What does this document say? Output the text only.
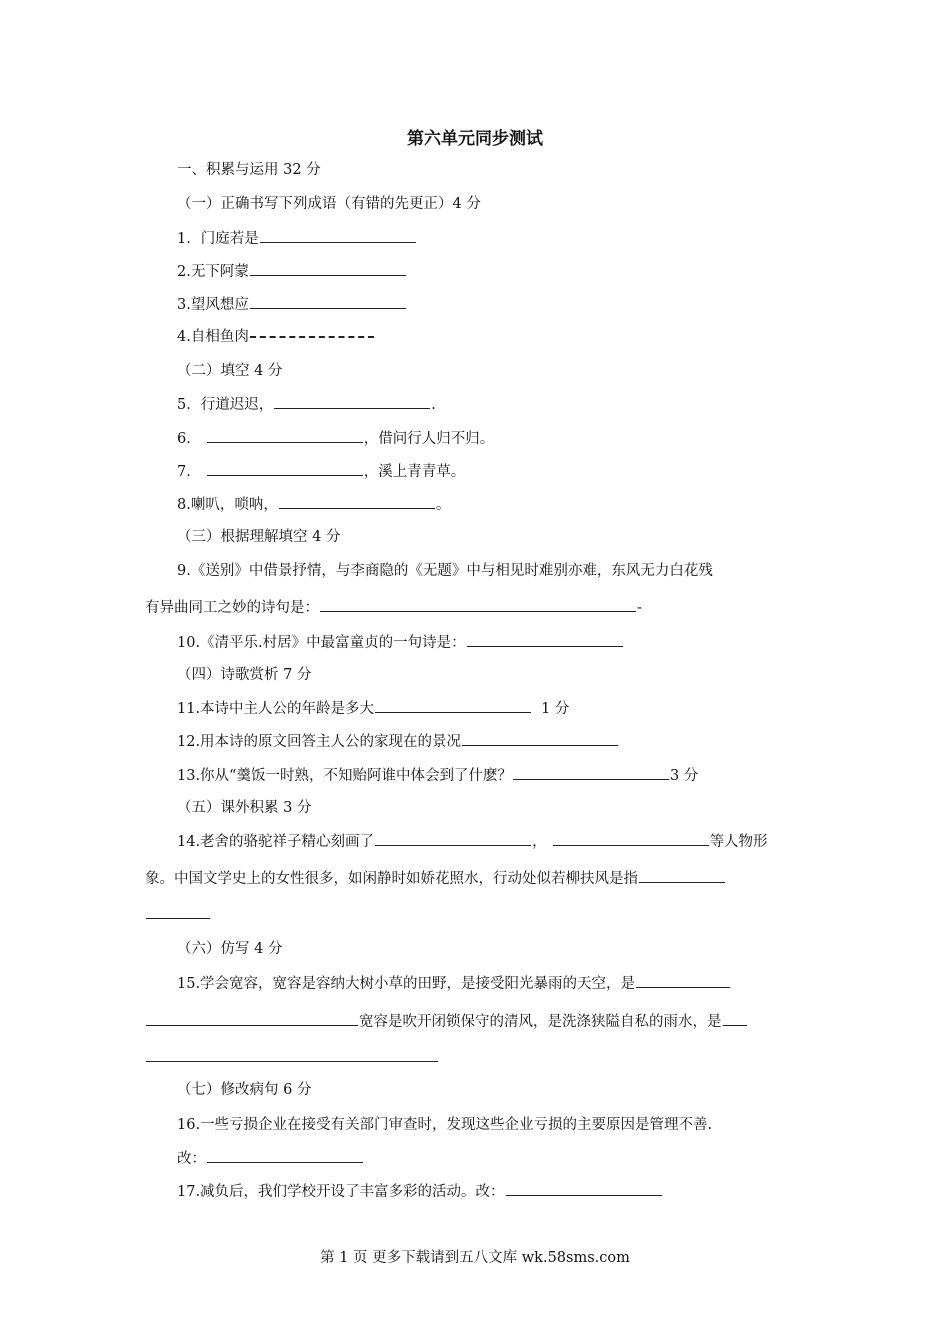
第六单元同步测试
一、积累与运用 32 分
（一）正确书写下列成语（有错的先更正）4 分
1．门庭若是
2.无下阿蒙
3.望风想应
4.自相鱼肉
（二）填空 4 分
5．行道迟迟，	.
6．	，借问行人归不归。
7．	，溪上青青草。
8.喇叭，唢呐，	。
（三）根据理解填空 4 分
9.《送别》中借景抒情，与李商隐的《无题》中与相见时难别亦难，东风无力白花残
有异曲同工之妙的诗句是：	-
10.《清平乐.村居》中最富童贞的一句诗是：
（四）诗歌赏析 7 分
11.本诗中主人公的年龄是多大	1 分
12.用本诗的原文回答主人公的家现在的景况
13.你从“羹饭一时熟，不知贻阿谁中体会到了什麽？	3 分
（五）课外积累 3 分
14.老舍的骆驼祥子精心刻画了	，	等人物形
象。中国文学史上的女性很多，如闲静时如娇花照水，行动处似若柳扶风是指
（六）仿写 4 分
15.学会宽容，宽容是容纳大树小草的田野，是接受阳光暴雨的天空，是
宽容是吹开闭锁保守的清风，是洗涤狭隘自私的雨水，是
（七）修改病句 6 分
16.一些亏损企业在接受有关部门审查时，发现这些企业亏损的主要原因是管理不善.
改：
17.减负后，我们学校开设了丰富多彩的活动。改：
第 1 页 更多下载请到五八文库 wk.58sms.com
